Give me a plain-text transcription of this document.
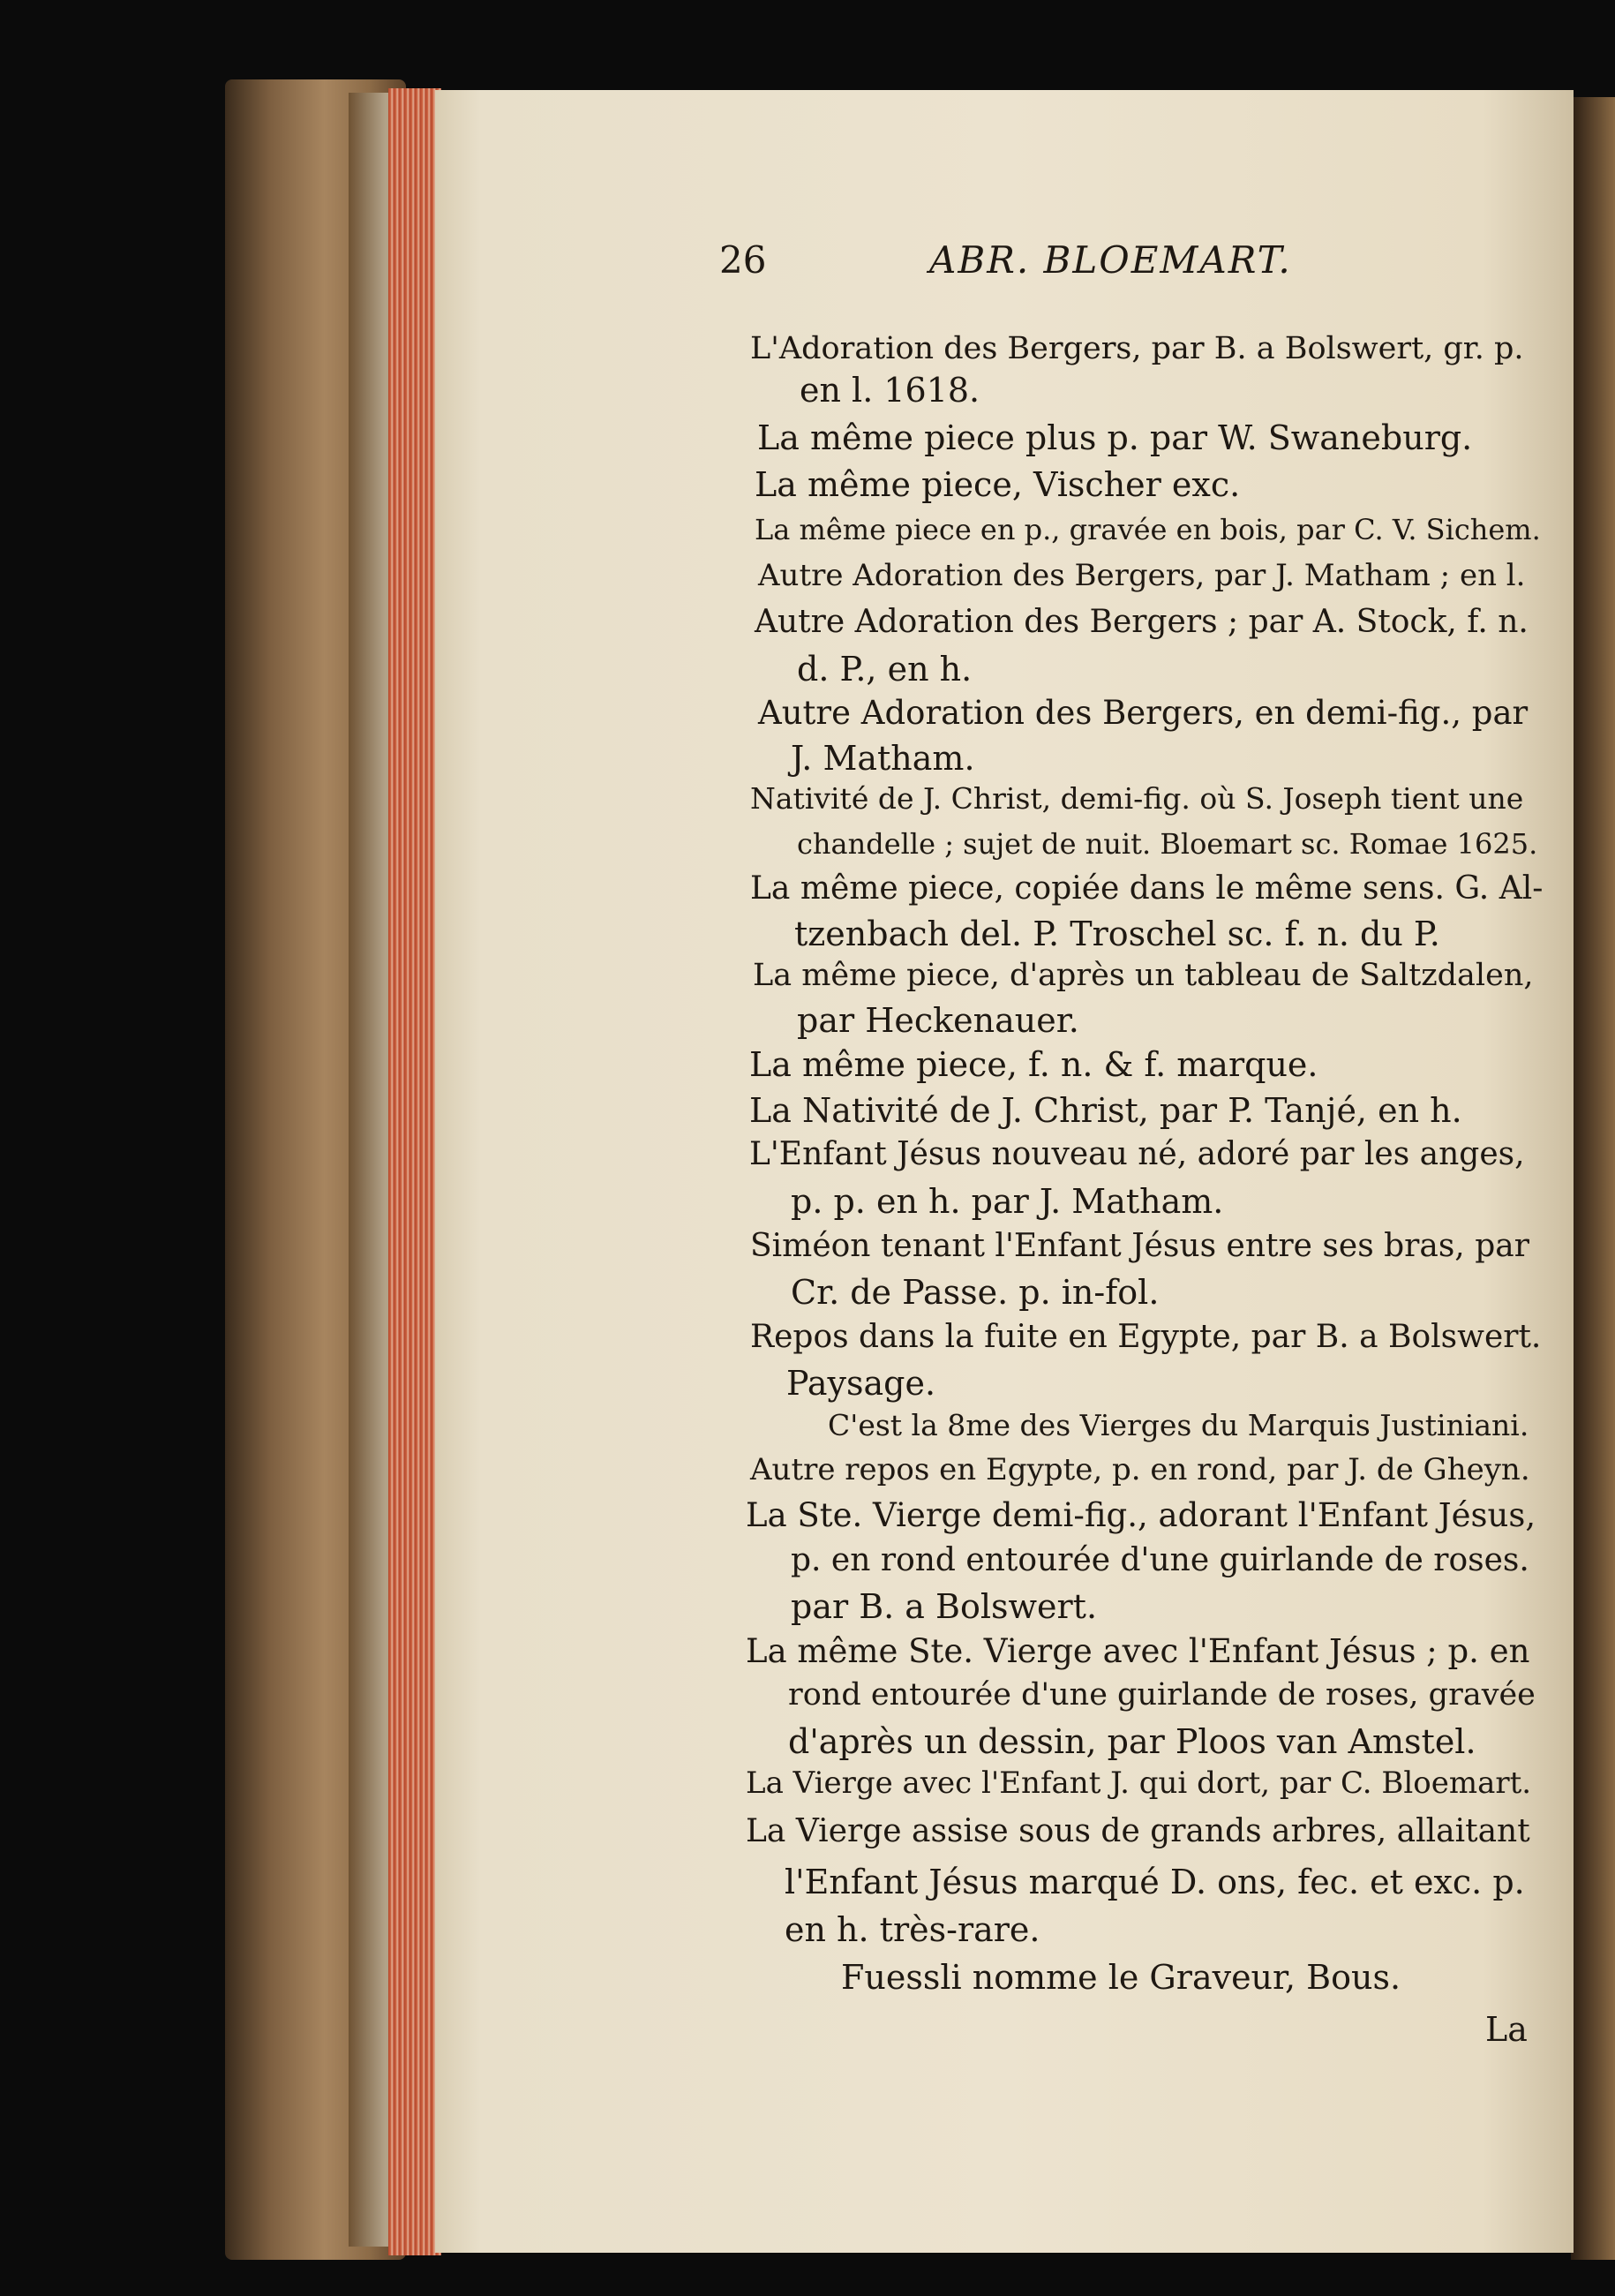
26	ABR. BLOEMART.
L'Adoration des Bergers, par B. a Bolswert, gr. p.
en l. 1618.
La même piece plus p. par W. Swaneburg.
La même piece, Vischer exc.
La même piece en p., gravée en bois, par C. V. Sichem.
Autre Adoration des Bergers, par J. Matham ; en l.
Autre Adoration des Bergers ; par A. Stock, f. n.
d. P., en h.
Autre Adoration des Bergers, en demi-fig., par
J. Matham.
Nativité de J. Christ, demi-fig. où S. Joseph tient une
chandelle ; sujet de nuit. Bloemart sc. Romae 1625.
La même piece, copiée dans le même sens. G. Al-
tzenbach del. P. Troschel sc. f. n. du P.
La même piece, d'après un tableau de Saltzdalen,
par Heckenauer.
La même piece, f. n. & f. marque.
La Nativité de J. Christ, par P. Tanjé, en h.
L'Enfant Jésus nouveau né, adoré par les anges,
p. p. en h. par J. Matham.
Siméon tenant l'Enfant Jésus entre ses bras, par
Cr. de Passe. p. in-fol.
Repos dans la fuite en Egypte, par B. a Bolswert.
Paysage.
C'est la 8me des Vierges du Marquis Justiniani.
Autre repos en Egypte, p. en rond, par J. de Gheyn.
La Ste. Vierge demi-fig., adorant l'Enfant Jésus,
p. en rond entourée d'une guirlande de roses.
par B. a Bolswert.
La même Ste. Vierge avec l'Enfant Jésus ; p. en
rond entourée d'une guirlande de roses, gravée
d'après un dessin, par Ploos van Amstel.
La Vierge avec l'Enfant J. qui dort, par C. Bloemart.
La Vierge assise sous de grands arbres, allaitant
l'Enfant Jésus marqué D. ons, fec. et exc. p.
en h. très-rare.
Fuessli nomme le Graveur, Bous.
La
